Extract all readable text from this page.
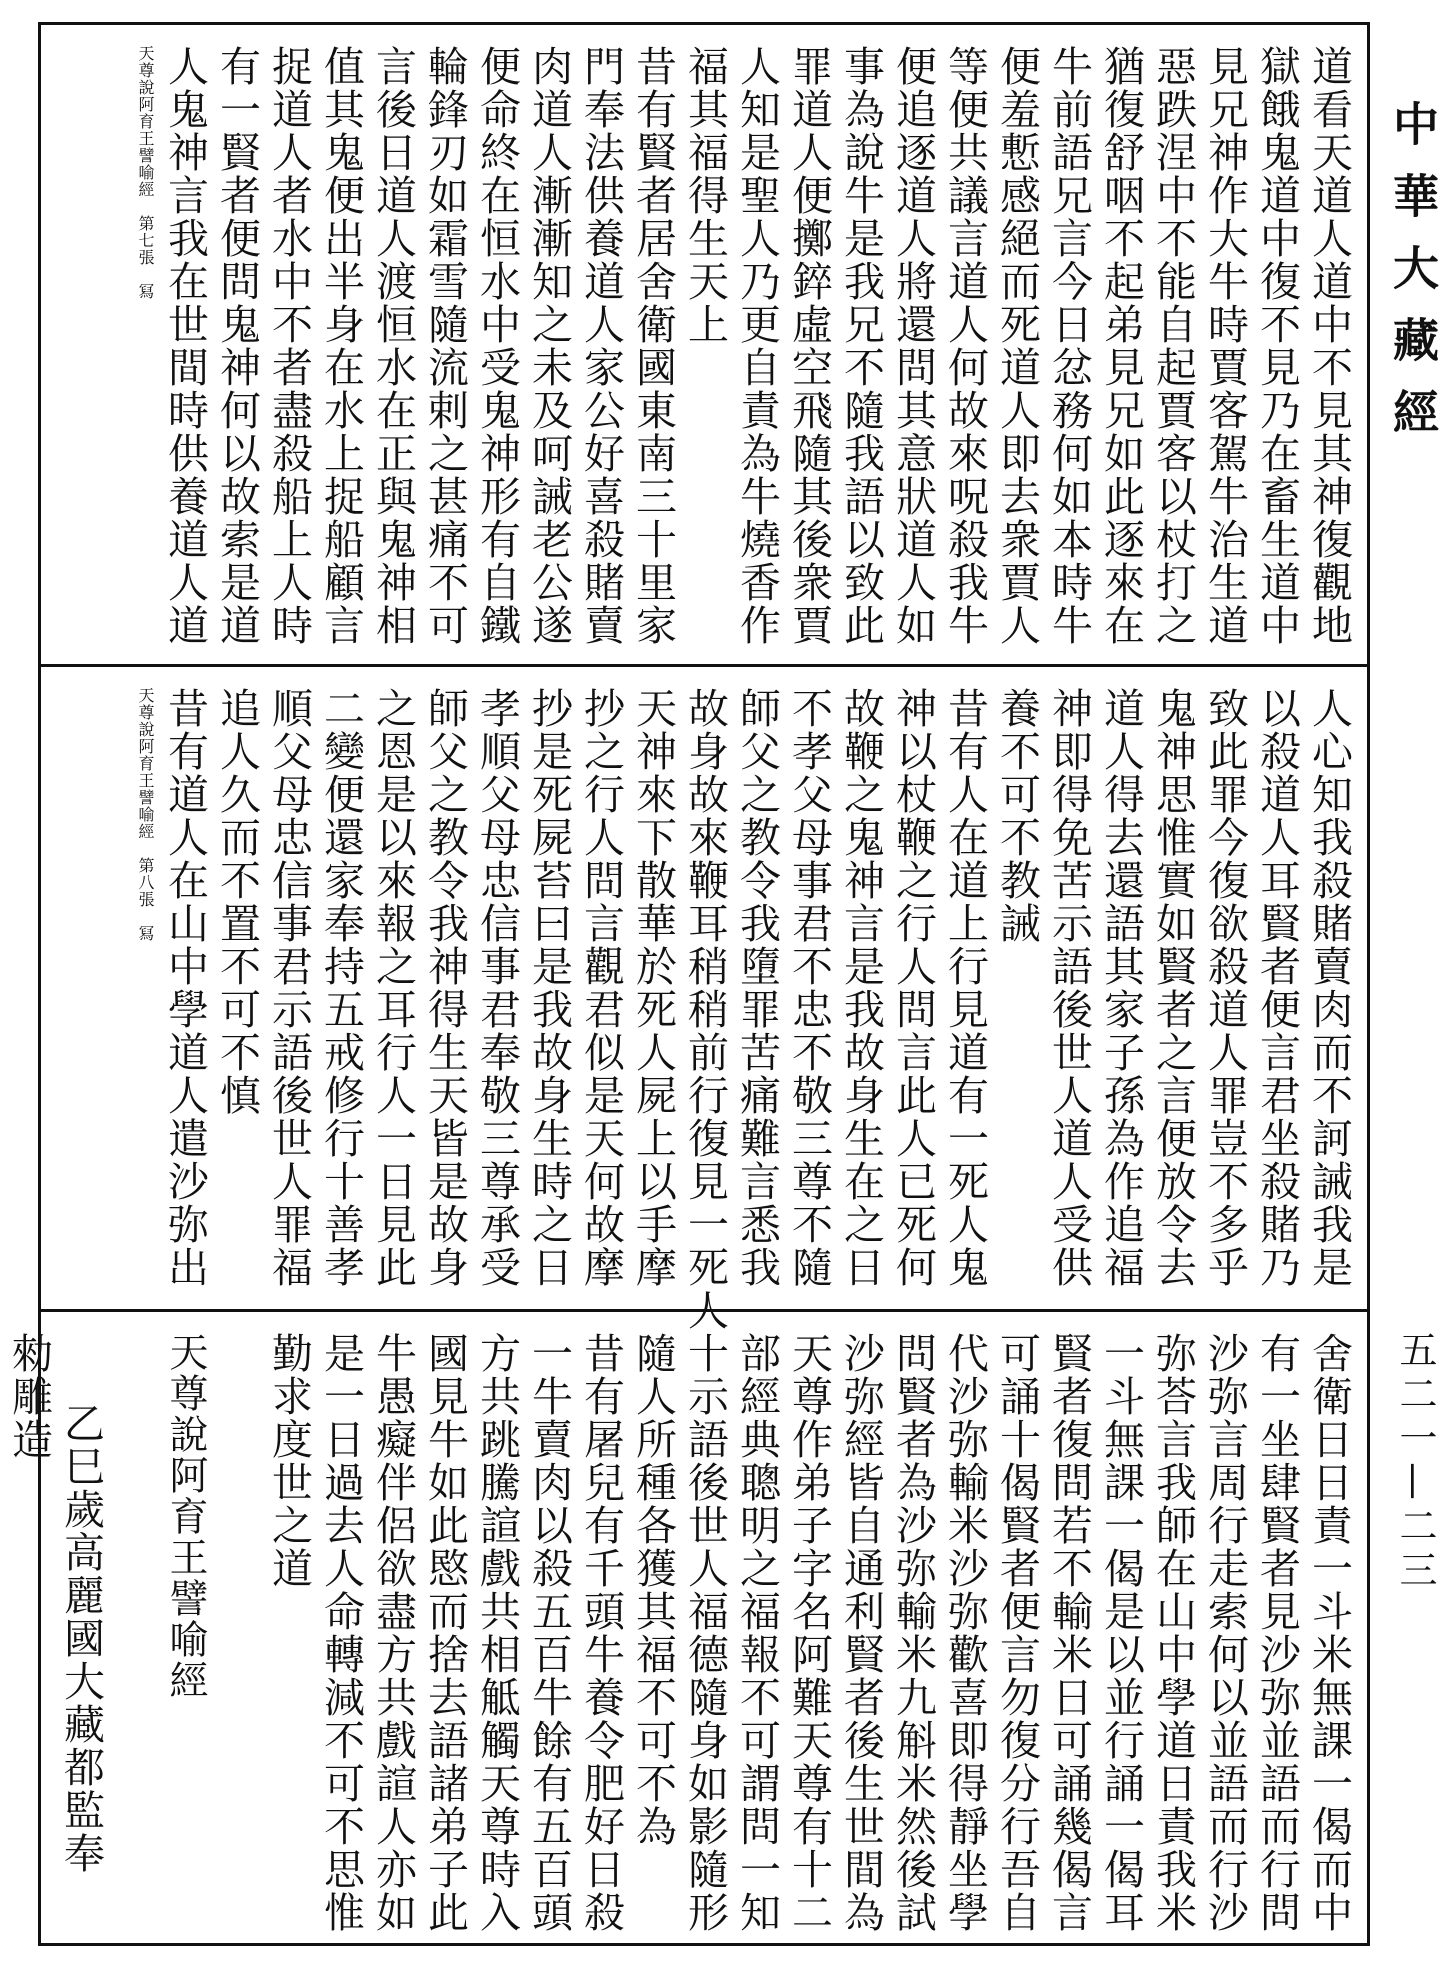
中華大藏經
五二一—二三
道看天道人道中不見其神復觀地
獄餓鬼道中復不見乃在畜生道中
見兄神作大牛時賈客駕牛治生道
惡跌涅中不能自起賈客以杖打之
猶復舒咽不起弟見兄如此逐來在
牛前語兄言今日忿務何如本時牛
便羞慙感絕而死道人即去衆賈人
等便共議言道人何故來呪殺我牛
便追逐道人將還問其意狀道人如
事為說牛是我兄不隨我語以致此
罪道人便擲錊虛空飛隨其後衆賈
人知是聖人乃更自責為牛燒香作
福其福得生天上
昔有賢者居舍衛國東南三十里家
門奉法供養道人家公好喜殺賭賣
肉道人漸漸知之未及呵誡老公遂
便命終在恒水中受鬼神形有自鐵
輪鋒刃如霜雪隨流剌之甚痛不可
言後日道人渡恒水在正與鬼神相
值其鬼便出半身在水上捉船顧言
捉道人者水中不者盡殺船上人時
有一賢者便問鬼神何以故索是道
人鬼神言我在世間時供養道人道
天尊說阿育王譬喻經　第七張　冩
人心知我殺賭賣肉而不訶誡我是
以殺道人耳賢者便言君坐殺賭乃
致此罪今復欲殺道人罪豈不多乎
鬼神思惟實如賢者之言便放令去
道人得去還語其家子孫為作追福
神即得免苦示語後世人道人受供
養不可不教誡
昔有人在道上行見道有一死人鬼
神以杖鞭之行人問言此人已死何
故鞭之鬼神言是我故身生在之日
不孝父母事君不忠不敬三尊不隨
師父之教令我墮罪苦痛難言悉我
故身故來鞭耳稍稍前行復見一死人
天神來下散華於死人屍上以手摩
抄之行人問言觀君似是天何故摩
抄是死屍苔曰是我故身生時之日
孝順父母忠信事君奉敬三尊承受
師父之教令我神得生天皆是故身
之恩是以來報之耳行人一日見此
二變便還家奉持五戒修行十善孝
順父母忠信事君示語後世人罪福
追人久而不置不可不慎
昔有道人在山中學道人遣沙弥出
天尊說阿育王譬喻經　第八張　冩
舍衛日日責一斗米無課一偈而中
有一坐肆賢者見沙弥並語而行問
沙弥言周行走索何以並語而行沙
弥荅言我師在山中學道日責我米
一斗無課一偈是以並行誦一偈耳
賢者復問若不輸米日可誦幾偈言
可誦十偈賢者便言勿復分行吾自
代沙弥輸米沙弥歡喜即得靜坐學
問賢者為沙弥輸米九斛米然後試
沙弥經皆自通利賢者後生世間為
天尊作弟子字名阿難天尊有十二
部經典聰明之福報不可謂問一知
十示語後世人福德隨身如影隨形
隨人所種各獲其福不可不為
昔有屠兒有千頭牛養令肥好日殺
一牛賣肉以殺五百牛餘有五百頭
方共跳騰諠戲共相觝觸天尊時入
國見牛如此愍而捨去語諸弟子此
牛愚癡伴侶欲盡方共戲諠人亦如
是一日過去人命轉減不可不思惟
勤求度世之道
天尊說阿育王譬喻經
乙巳歲高麗國大藏都監奉
勑雕造
